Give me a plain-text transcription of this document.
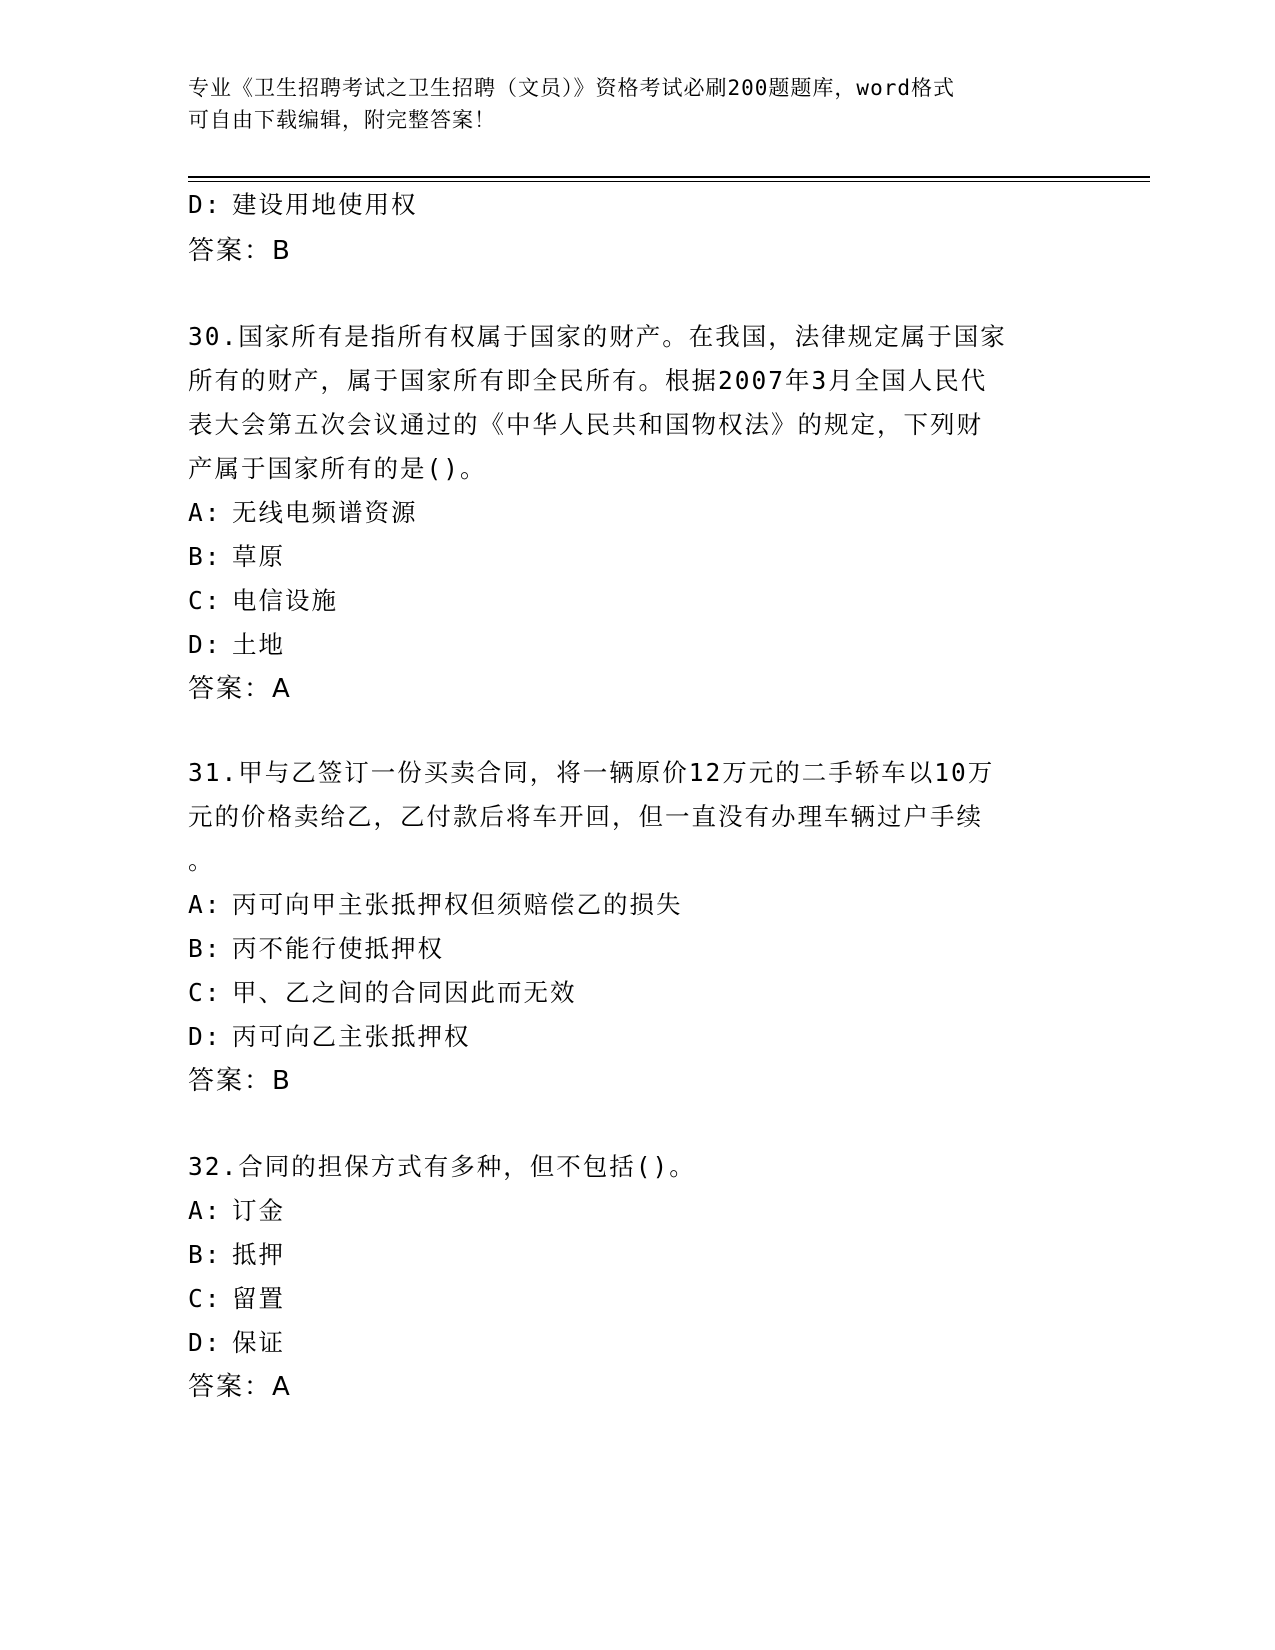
专业《卫生招聘考试之卫生招聘（文员）》资格考试必刷200题题库，word格式
可自由下载编辑，附完整答案！
D: 建设用地使用权
答案：B
30.国家所有是指所有权属于国家的财产。在我国，法律规定属于国家
所有的财产，属于国家所有即全民所有。根据2007年3月全国人民代
表大会第五次会议通过的《中华人民共和国物权法》的规定，下列财
产属于国家所有的是()。
A: 无线电频谱资源
B: 草原
C: 电信设施
D: 土地
答案：A
31.甲与乙签订一份买卖合同，将一辆原价12万元的二手轿车以10万
元的价格卖给乙，乙付款后将车开回，但一直没有办理车辆过户手续
。
A: 丙可向甲主张抵押权但须赔偿乙的损失
B: 丙不能行使抵押权
C: 甲、乙之间的合同因此而无效
D: 丙可向乙主张抵押权
答案：B
32.合同的担保方式有多种，但不包括()。
A: 订金
B: 抵押
C: 留置
D: 保证
答案：A
